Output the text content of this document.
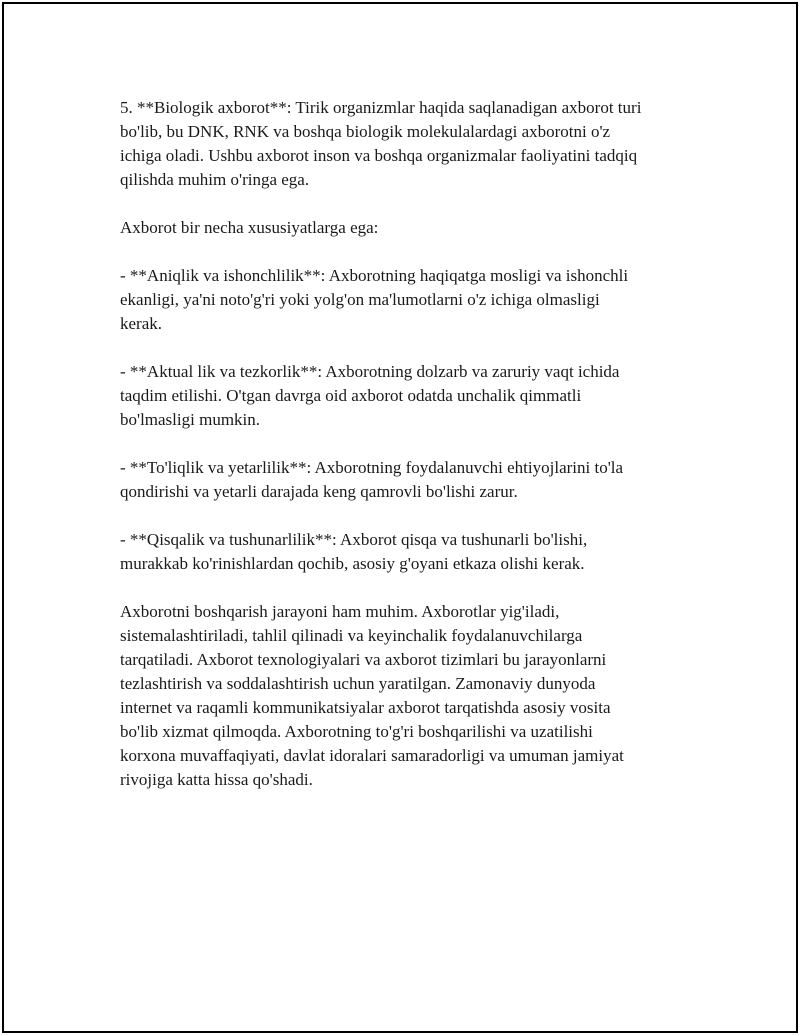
5. **Biologik axborot**: Tirik organizmlar haqida saqlanadigan axborot turi
bo'lib, bu DNK, RNK va boshqa biologik molekulalardagi axborotni o'z
ichiga oladi. Ushbu axborot inson va boshqa organizmalar faoliyatini tadqiq
qilishda muhim o'ringa ega.

Axborot bir necha xususiyatlarga ega:

- **Aniqlik va ishonchlilik**: Axborotning haqiqatga mosligi va ishonchli
ekanligi, ya'ni noto'g'ri yoki yolg'on ma'lumotlarni o'z ichiga olmasligi
kerak.

- **Aktual lik va tezkorlik**: Axborotning dolzarb va zaruriy vaqt ichida
taqdim etilishi. O'tgan davrga oid axborot odatda unchalik qimmatli
bo'lmasligi mumkin.

- **To'liqlik va yetarlilik**: Axborotning foydalanuvchi ehtiyojlarini to'la
qondirishi va yetarli darajada keng qamrovli bo'lishi zarur.

- **Qisqalik va tushunarlilik**: Axborot qisqa va tushunarli bo'lishi,
murakkab ko'rinishlardan qochib, asosiy g'oyani etkaza olishi kerak.

Axborotni boshqarish jarayoni ham muhim. Axborotlar yig'iladi,
sistemalashtiriladi, tahlil qilinadi va keyinchalik foydalanuvchilarga
tarqatiladi. Axborot texnologiyalari va axborot tizimlari bu jarayonlarni
tezlashtirish va soddalashtirish uchun yaratilgan. Zamonaviy dunyoda
internet va raqamli kommunikatsiyalar axborot tarqatishda asosiy vosita
bo'lib xizmat qilmoqda. Axborotning to'g'ri boshqarilishi va uzatilishi
korxona muvaffaqiyati, davlat idoralari samaradorligi va umuman jamiyat
rivojiga katta hissa qo'shadi.
